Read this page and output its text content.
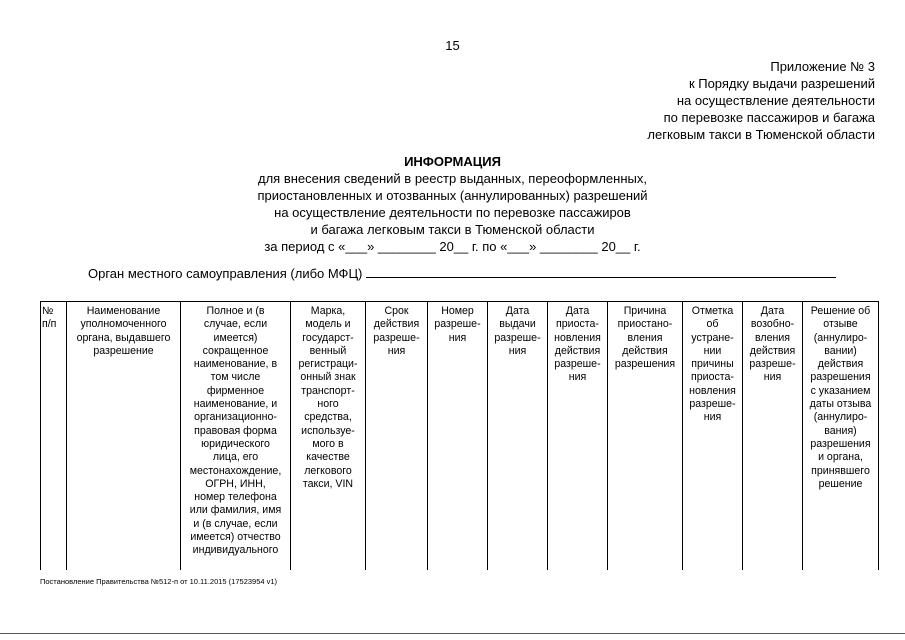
15
Приложение № 3
к Порядку выдачи разрешений
на осуществление деятельности
по перевозке пассажиров и багажа
легковым такси в Тюменской области
ИНФОРМАЦИЯ
для внесения сведений в реестр выданных, переоформленных,
приостановленных и отозванных (аннулированных) разрешений
на осуществление деятельности по перевозке пассажиров
и багажа легковым такси в Тюменской области
за период с «___» ________ 20__ г. по «___» ________ 20__ г.
Орган местного самоуправления (либо МФЦ)
№
п/п	Наименование
уполномоченного
органа, выдавшего
разрешение	Полное и (в
случае, если
имеется)
сокращенное
наименование, в
том числе
фирменное
наименование, и
организационно-
правовая форма
юридического
лица, его
местонахождение,
ОГРН, ИНН,
номер телефона
или фамилия, имя
и (в случае, если
имеется) отчество
индивидуального	Марка,
модель и
государст-
венный
регистраци-
онный знак
транспорт-
ного
средства,
используе-
мого в
качестве
легкового
такси, VIN	Срок
действия
разреше-
ния	Номер
разреше-
ния	Дата
выдачи
разреше-
ния	Дата
приоста-
новления
действия
разреше-
ния	Причина
приостано-
вления
действия
разрешения	Отметка
об
устране-
нии
причины
приоста-
новления
разреше-
ния	Дата
возобно-
вления
действия
разреше-
ния	Решение об
отзыве
(аннулиро-
вании)
действия
разрешения
с указанием
даты отзыва
(аннулиро-
вания)
разрешения
и органа,
принявшего
решение
Постановление Правительства №512-п от 10.11.2015 (17523954 v1)
